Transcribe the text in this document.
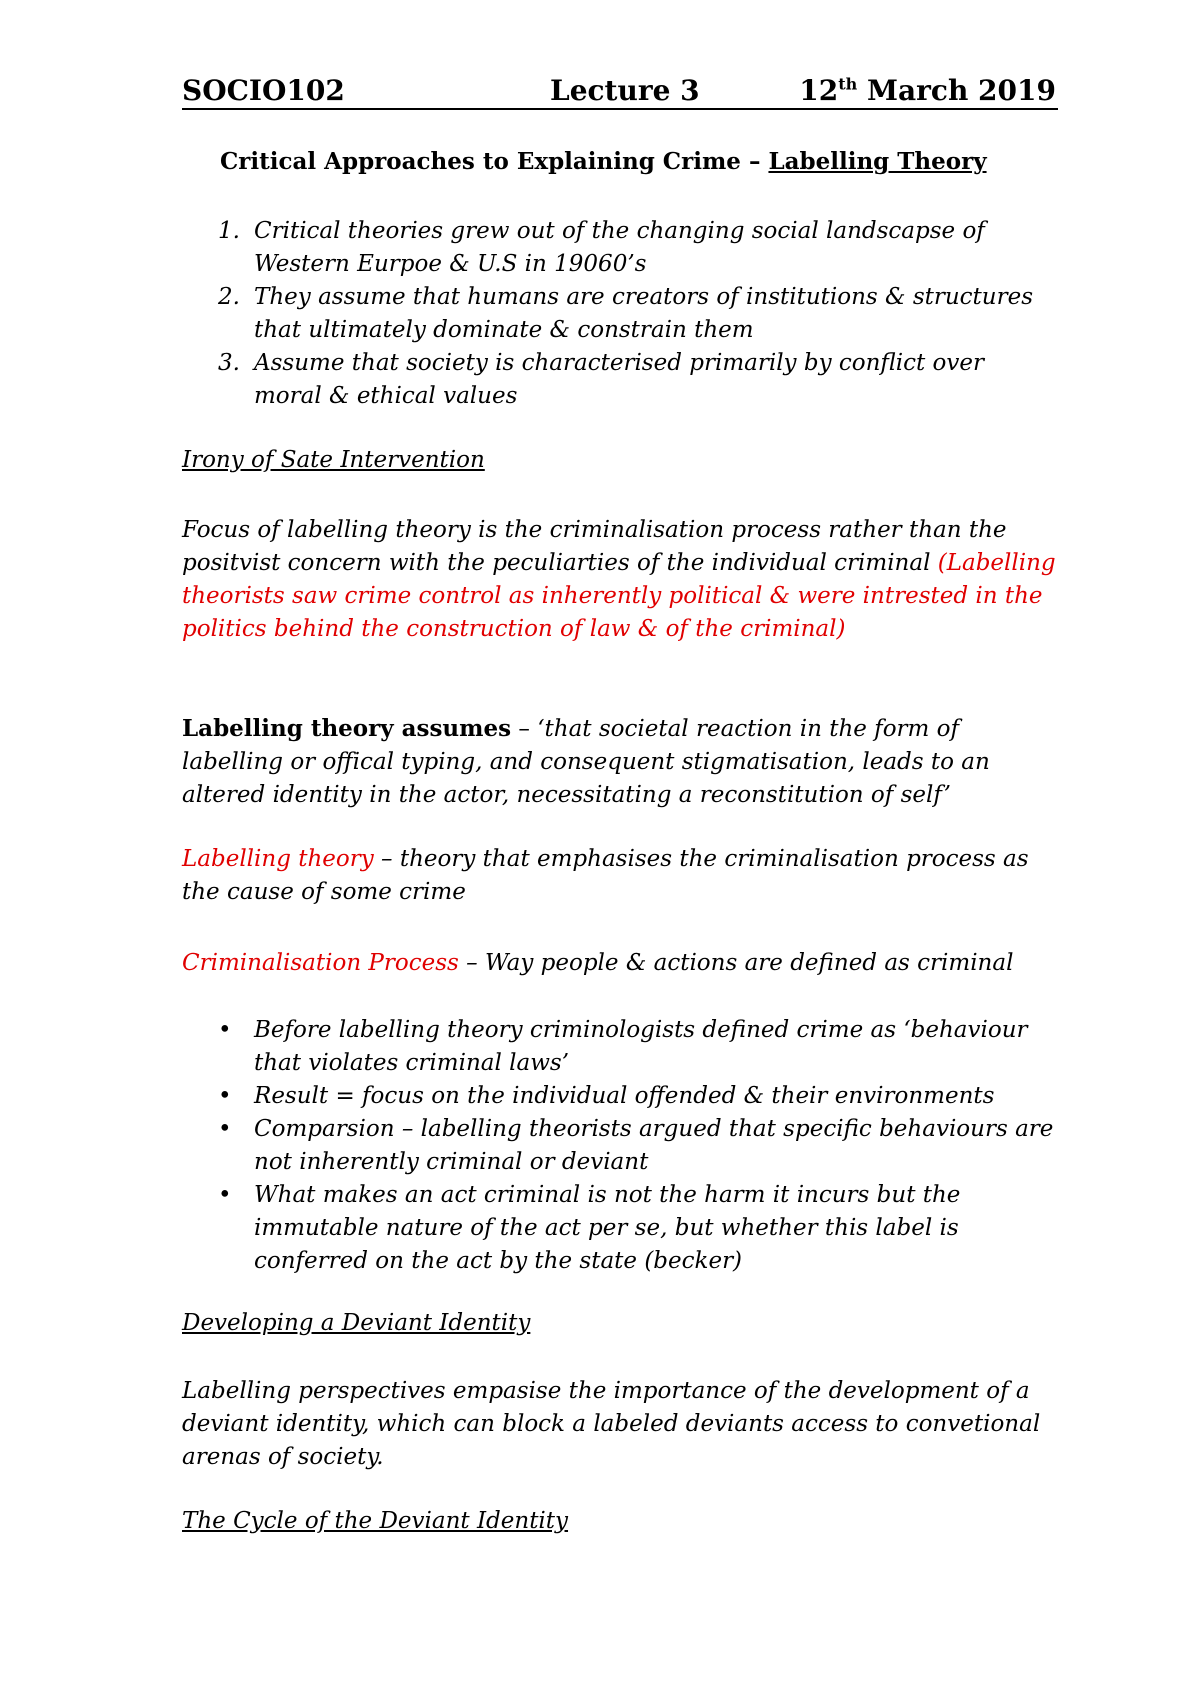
SOCIO102	Lecture 3	12th March 2019
Critical Approaches to Explaining Crime – Labelling Theory
1. Critical theories grew out of the changing social landscapse of Western Eurpoe & U.S in 19060’s
2. They assume that humans are creators of institutions & structures that ultimately dominate & constrain them
3. Assume that society is characterised primarily by conflict over moral & ethical values
Irony of Sate Intervention
Focus of labelling theory is the criminalisation process rather than the positvist concern with the peculiarties of the individual criminal (Labelling theorists saw crime control as inherently political & were intrested in the politics behind the construction of law & of the criminal)
Labelling theory assumes – ‘that societal reaction in the form of labelling or offical typing, and consequent stigmatisation, leads to an altered identity in the actor, necessitating a reconstitution of self’
Labelling theory – theory that emphasises the criminalisation process as the cause of some crime
Criminalisation Process – Way people & actions are defined as criminal
• Before labelling theory criminologists defined crime as ‘behaviour that violates criminal laws’
• Result = focus on the individual offended & their environments
• Comparsion – labelling theorists argued that specific behaviours are not inherently criminal or deviant
• What makes an act criminal is not the harm it incurs but the immutable nature of the act per se, but whether this label is conferred on the act by the state (becker)
Developing a Deviant Identity
Labelling perspectives empasise the importance of the development of a deviant identity, which can block a labeled deviants access to convetional arenas of society.
The Cycle of the Deviant Identity
